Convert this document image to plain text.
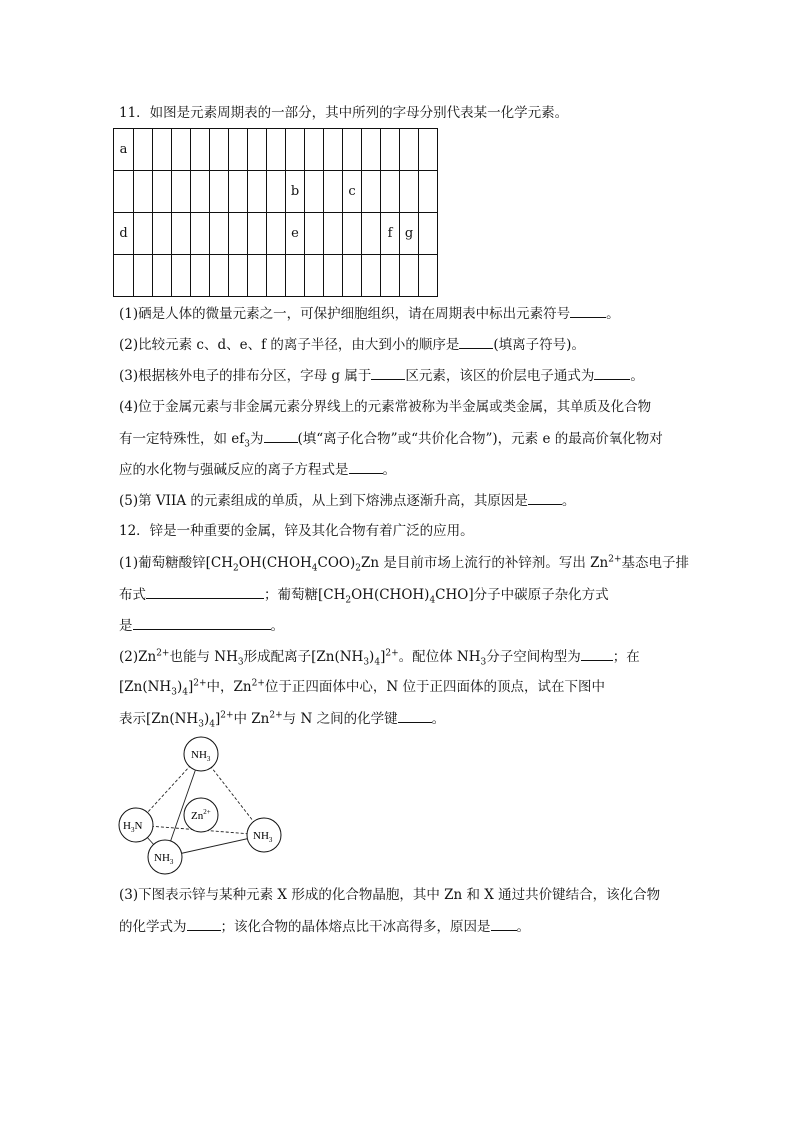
11．如图是元素周期表的一部分，其中所列的字母分别代表某一化学元素。
a																
									b			c				
d									e					f	g	

(1)硒是人体的微量元素之一，可保护细胞组织，请在周期表中标出元素符号	。
(2)比较元素 c、d、e、f 的离子半径，由大到小的顺序是	(填离子符号)。
(3)根据核外电子的排布分区，字母 g 属于	区元素，该区的价层电子通式为	。
(4)位于金属元素与非金属元素分界线上的元素常被称为半金属或类金属，其单质及化合物
有一定特殊性，如 $ef_3$为	(填“离子化合物”或“共价化合物”)，元素 e 的最高价氧化物对
应的水化物与强碱反应的离子方程式是	。
(5)第 VIIA 的元素组成的单质，从上到下熔沸点逐渐升高，其原因是	。
12．锌是一种重要的金属，锌及其化合物有着广泛的应用。
(1)葡萄糖酸锌[$CH_2OH(CHOH_4COO)_2Zn$ 是目前市场上流行的补锌剂。写出 $Zn^{2+}$基态电子排
布式	；葡萄糖$[CH_2OH(CHOH)_4CHO]$分子中碳原子杂化方式
是	。
$(2)Zn^{2+}$也能与 $NH_3$形成配离子$[Zn(NH_3)_4]^{2+}$。配位体 $NH_3$分子空间构型为 ；在
$[Zn(NH_3)_4]^{2+}$中，$Zn^{2+}$位于正四面体中心，N 位于正四面体的顶点，试在下图中
表示$[Zn(NH_3)_4]^{2+}$中 $Zn^{2+}$与 N 之间的化学键	。
$NH_3$
$H_3N$
$NH_3$
$NH_3$
$Zn^{2+}$
(3)下图表示锌与某种元素 X 形成的化合物晶胞，其中 Zn 和 X 通过共价键结合，该化合物
的化学式为	；该化合物的晶体熔点比干冰高得多，原因是 。
